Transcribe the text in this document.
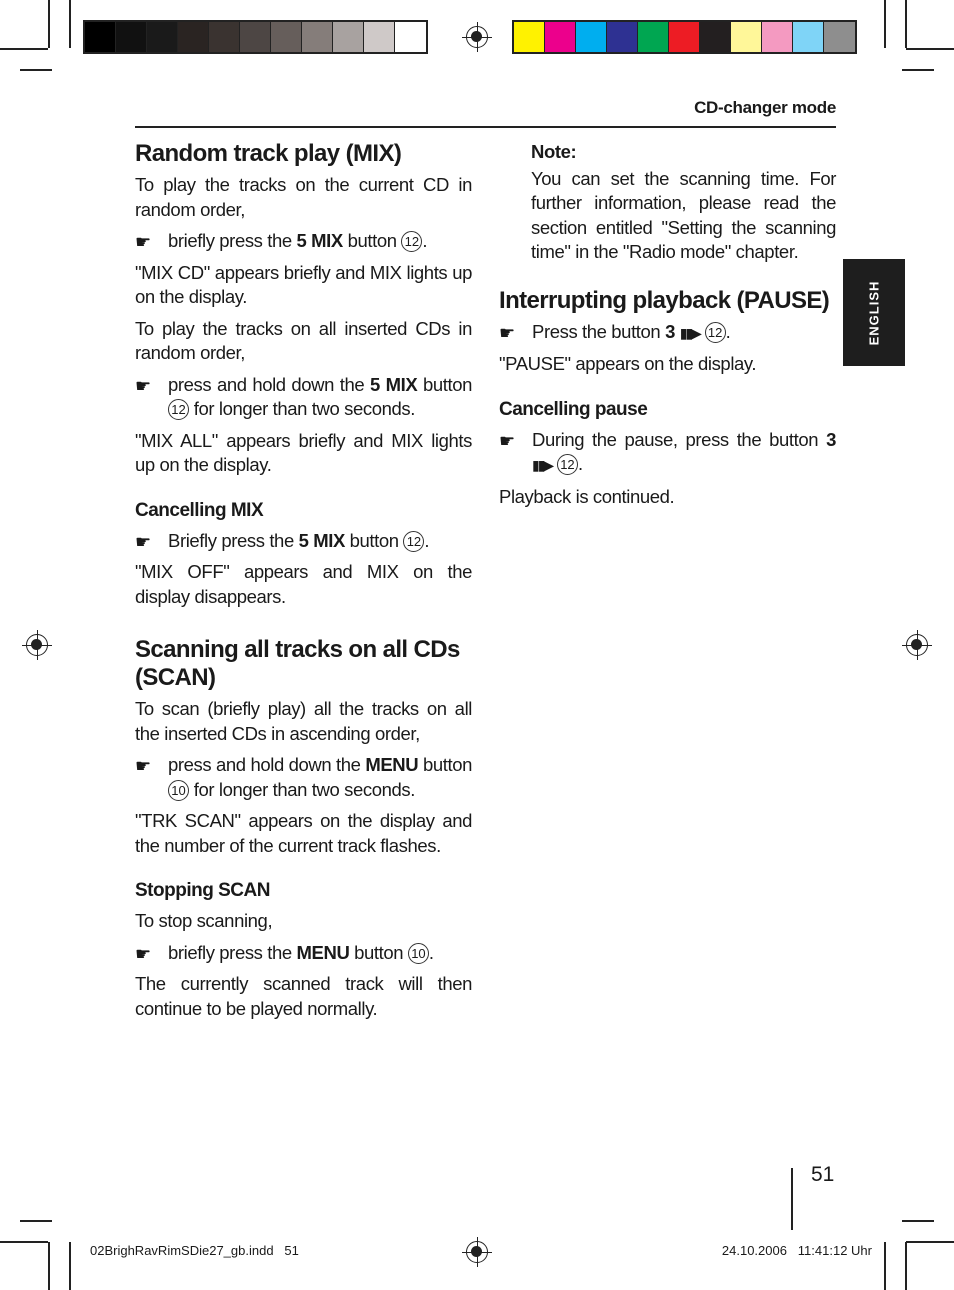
CD-changer mode
ENGLISH
Random track play (MIX)

To play the tracks on the current CD in random order,

☛ briefly press the 5 MIX button 12 .

"MIX CD" appears briefly and MIX lights up on the display.

To play the tracks on all inserted CDs in random order,

☛ press and hold down the 5 MIX button 12 for longer than two seconds.

"MIX ALL" appears briefly and MIX lights up on the display.

Cancelling MIX
☛ Briefly press the 5 MIX button 12 .

"MIX OFF" appears and MIX on the display disappears.

Scanning all tracks on all CDs (SCAN)

To scan (briefly play) all the tracks on all the inserted CDs in ascending order,

☛ press and hold down the MENU button 10 for longer than two seconds.

"TRK SCAN" appears on the display and the number of the current track flashes.

Stopping SCAN

To stop scanning,

☛ briefly press the MENU button 10 .

The currently scanned track will then continue to be played normally.

Note:

You can set the scanning time. For further information, please read the section entitled "Setting the scanning time" in the "Radio mode" chapter.

Interrupting playback (PAUSE)
☛ Press the button 3 ▮▮▶ 12 .

"PAUSE" appears on the display.

Cancelling pause
☛ During the pause, press the button 3 ▮▮▶ 12 .

Playback is continued.

51
02BrighRavRimSDie27_gb.indd   51	24.10.2006   11:41:12 Uhr
